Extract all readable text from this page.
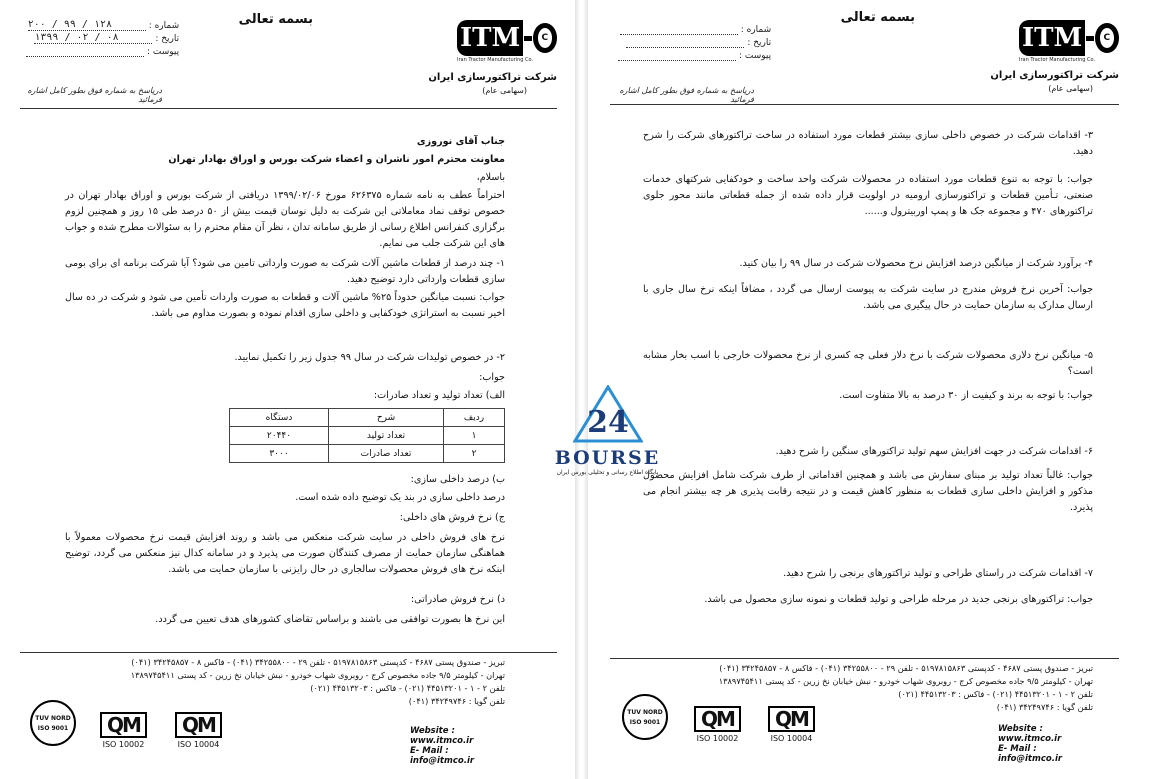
بسمه تعالی
شماره :
۲۰۰ / ۹۹ / ۱۲۸
تاریخ :
۱۳۹۹ / ۰۲ / ۰۸
پیوست :
درپاسخ به شماره فوق بطور کامل اشاره فرمائید
ITM	C
Iran Tractor Manufacturing Co.
شرکت تراکتورسازی ایران
(سهامی عام)
جناب آقای نوروزی
معاونت محترم امور ناشران و اعضاء شرکت بورس و اوراق بهادار تهران
باسلام،
احتراماً عطف به نامه شماره ۶۲۶۳۷۵ مورخ ۱۳۹۹/۰۲/۰۶ دریافتی از شرکت بورس و اوراق بهادار تهران در خصوص توقف نماد معاملاتی این شرکت به دلیل نوسان قیمت بیش از ۵۰ درصد طی ۱۵ روز و همچنین لزوم برگزاری کنفرانس اطلاع رسانی از طریق سامانه تدان ، نظر آن مقام محترم را به سئوالات مطرح شده و جواب های این شرکت جلب می نمایم.
۱- چند درصد از قطعات ماشین آلات شرکت به صورت وارداتی تامین می شود؟ آیا شرکت برنامه ای برای بومی سازی قطعات وارداتی دارد توضیح دهید.
جواب: نسبت میانگین حدوداً ۲۵% ماشین آلات و قطعات به صورت واردات تأمین می شود و شرکت در ده سال اخیر نسبت به استراتژی خودکفایی و داخلی سازی اقدام نموده و بصورت مداوم می باشد.
۲- در خصوص تولیدات شرکت در سال ۹۹ جدول زیر را تکمیل نمایید.
جواب:
الف) تعداد تولید و تعداد صادرات:
ردیف	شرح	دستگاه
۱	تعداد تولید	۲۰۴۴۰
۲	تعداد صادرات	۳۰۰۰
ب) درصد داخلی سازی:
درصد داخلی سازی در بند یک توضیح داده شده است.
ج) نرخ فروش های داخلی:
نرخ های فروش داخلی در سایت شرکت منعکس می باشد و روند افزایش قیمت نرخ محصولات معمولاً با هماهنگی سازمان حمایت از مصرف کنندگان صورت می پذیرد و در سامانه کدال نیز منعکس می گردد، توضیح اینکه نرخ های فروش محصولات سالجاری در حال رایزنی با سازمان حمایت می باشد.
د) نرخ فروش صادراتی:
این نرخ ها بصورت توافقی می باشند و براساس تقاضای کشورهای هدف تعیین می گردد.
تبریز - صندوق پستی ۴۶۸۷ - کدپستی ۵۱۹۷۸۱۵۸۶۳ - تلفن ۲۹ - ۳۴۲۵۵۸۰۰ (۰۴۱) - فاکس ۸ - ۳۴۲۴۵۸۵۷ (۰۴۱)
تهران - کیلومتر ۹/۵ جاده مخصوص کرج - روبروی شهاب خودرو - نبش خیابان نخ زرین - کد پستی ۱۳۸۹۷۴۵۴۱۱
تلفن ۲ - ۱ - ۴۴۵۱۳۲۰۱ (۰۲۱) - فاکس : ۴۴۵۱۳۲۰۳ (۰۲۱)
تلفن گویا : ۳۴۲۴۹۷۴۶ (۰۴۱)
Website : www.itmco.ir
E- Mail : info@itmco.ir
TUV NORD
ISO 9001	QM
ISO 10002
QM
ISO 10004
بسمه تعالی
شماره :
تاریخ :
پیوست :
درپاسخ به شماره فوق بطور کامل اشاره فرمائید
ITM	C
Iran Tractor Manufacturing Co.
شرکت تراکتورسازی ایران
(سهامی عام)
۳- اقدامات شرکت در خصوص داخلی سازی بیشتر قطعات مورد استفاده در ساخت تراکتورهای شرکت را شرح دهید.
جواب: با توجه به تنوع قطعات مورد استفاده در محصولات شرکت واحد ساخت و خودکفایی شرکتهای خدمات صنعتی، تـأمین قطعات و تراکتورسازی ارومیه در اولویت قرار داده شده از جمله قطعاتی مانند محور جلوی تراکتورهای ۴۷۰ و مجموعه جک ها و پمپ اوربیترول و......
۴- برآورد شرکت از میانگین درصد افزایش نرخ محصولات شرکت در سال ۹۹ را بیان کنید.
جواب: آخرین نرخ فروش مندرج در سایت شرکت به پیوست ارسال می گردد ، مضافاً اینکه نرخ سال جاری با ارسال مدارک به سازمان حمایت در حال پیگیری می باشد.
۵- میانگین نرخ دلاری محصولات شرکت با نرخ دلار فعلی چه کسری از نرخ محصولات خارجی با اسب بخار مشابه است؟
جواب: با توجه به برند و کیفیت از ۳۰ درصد به بالا متفاوت است.
۶- اقدامات شرکت در جهت افزایش سهم تولید تراکتورهای سنگین را شرح دهید.
جواب: غالباً تعداد تولید بر مبنای سفارش می باشد و همچنین اقداماتی از طرف شرکت شامل افزایش محصول مذکور و افزایش داخلی سازی قطعات به منظور کاهش قیمت و در نتیجه رقابت پذیری هر چه بیشتر انجام می پذیرد.
۷- اقدامات شرکت در راستای طراحی و تولید تراکتورهای برنجی را شرح دهید.
جواب: تراکتورهای برنجی جدید در مرحله طراحی و تولید قطعات و نمونه سازی محصول می باشد.
تبریز - صندوق پستی ۴۶۸۷ - کدپستی ۵۱۹۷۸۱۵۸۶۳ - تلفن ۲۹ - ۳۴۲۵۵۸۰۰ (۰۴۱) - فاکس ۸ - ۳۴۲۴۵۸۵۷ (۰۴۱)
تهران - کیلومتر ۹/۵ جاده مخصوص کرج - روبروی شهاب خودرو - نبش خیابان نخ زرین - کد پستی ۱۳۸۹۷۴۵۴۱۱
تلفن ۲ - ۱ - ۴۴۵۱۳۲۰۱ (۰۲۱) - فاکس : ۴۴۵۱۳۲۰۳ (۰۲۱)
تلفن گویا : ۳۴۲۴۹۷۴۶ (۰۴۱)
Website : www.itmco.ir
E- Mail : info@itmco.ir
TUV NORD
ISO 9001	QM
ISO 10002
QM
ISO 10004
24
BOURSE
پایگاه اطلاع رسانی و تحلیلی بورس ایران
